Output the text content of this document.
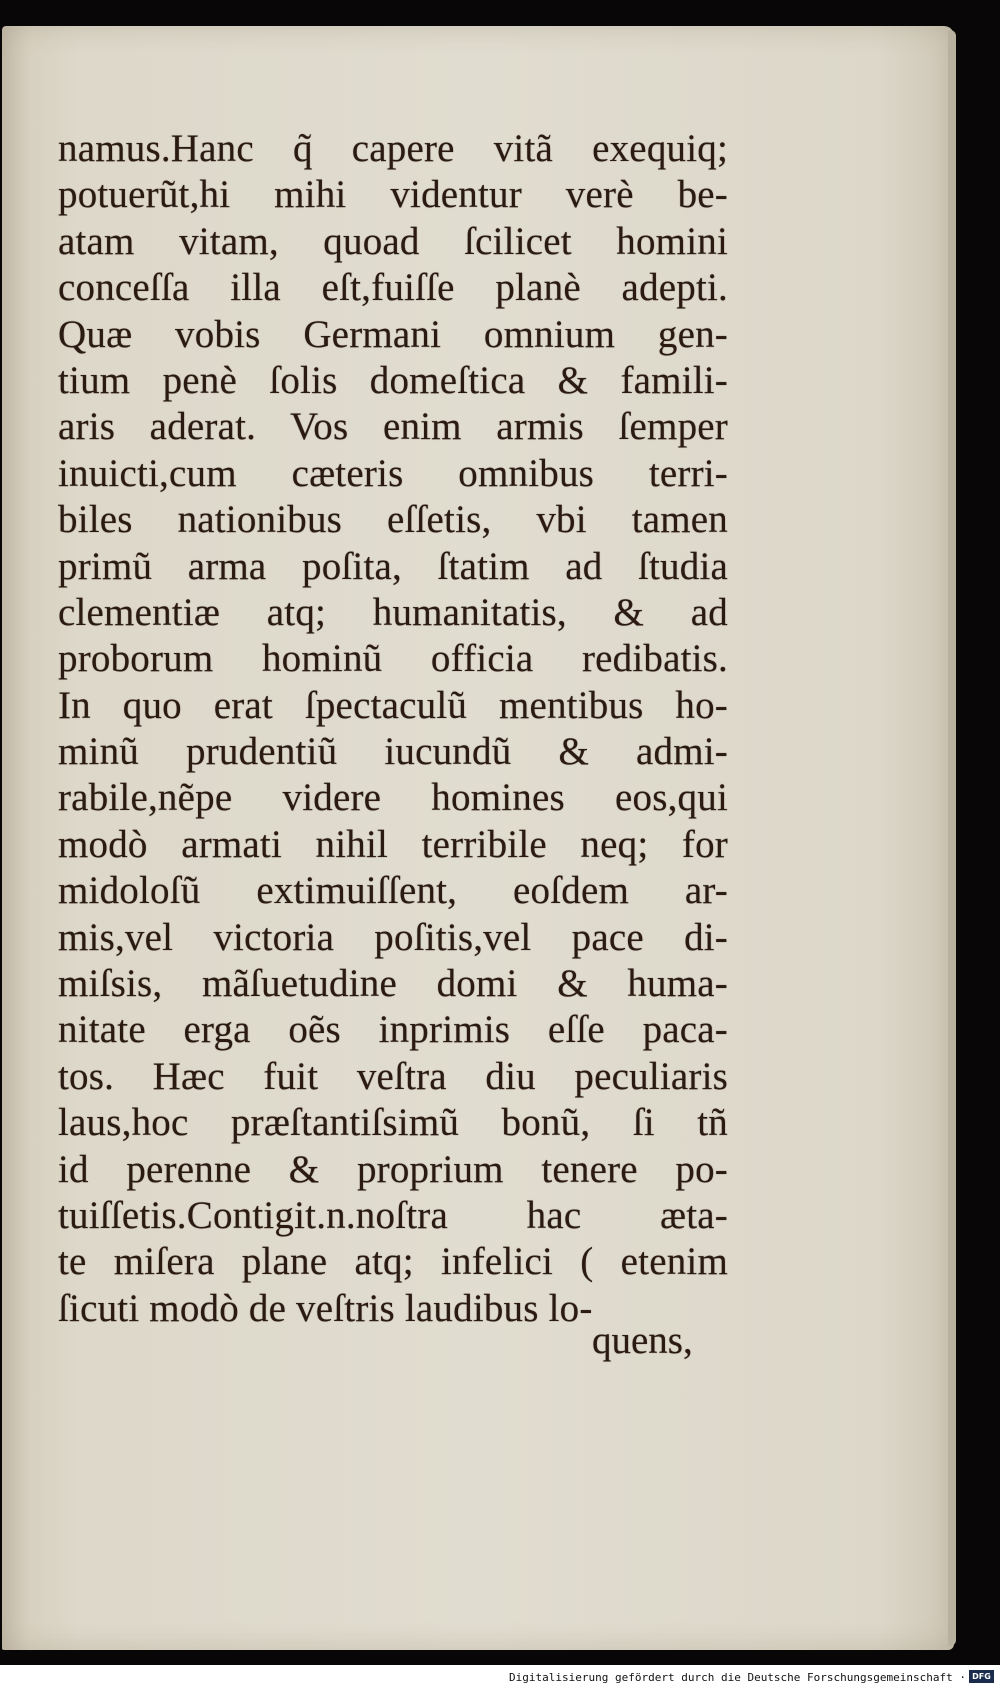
namus.Hanc q̃ capere vitã exequiq;
potuerũt,hi mihi videntur verè be-
atam vitam, quoad ſcilicet homini
conceſſa illa eſt,fuiſſe planè adepti.
Quæ vobis Germani omnium gen-
tium penè ſolis domeſtica & famili-
aris aderat. Vos enim armis ſemper
inuicti,cum cæteris omnibus terri-
biles nationibus eſſetis, vbi tamen
primũ arma poſita, ſtatim ad ſtudia
clementiæ atq; humanitatis, & ad
proborum hominũ officia redibatis.
In quo erat ſpectaculũ mentibus ho-
minũ prudentiũ iucundũ & admi-
rabile,nẽpe videre homines eos,qui
modò armati nihil terribile neq; for
midoloſũ extimuiſſent, eoſdem ar-
mis,vel victoria poſitis,vel pace di-
miſsis, mãſuetudine domi & huma-
nitate erga oẽs inprimis eſſe paca-
tos. Hæc fuit veſtra diu peculiaris
laus,hoc præſtantiſsimũ bonũ, ſi tñ
id perenne & proprium tenere po-
tuiſſetis.Contigit.n.noſtra hac æta-
te miſera plane atq; infelici ( etenim
ſicuti modò de veſtris laudibus lo-
quens,
Digitalisierung gefördert durch die Deutsche Forschungsgemeinschaft · DFG
